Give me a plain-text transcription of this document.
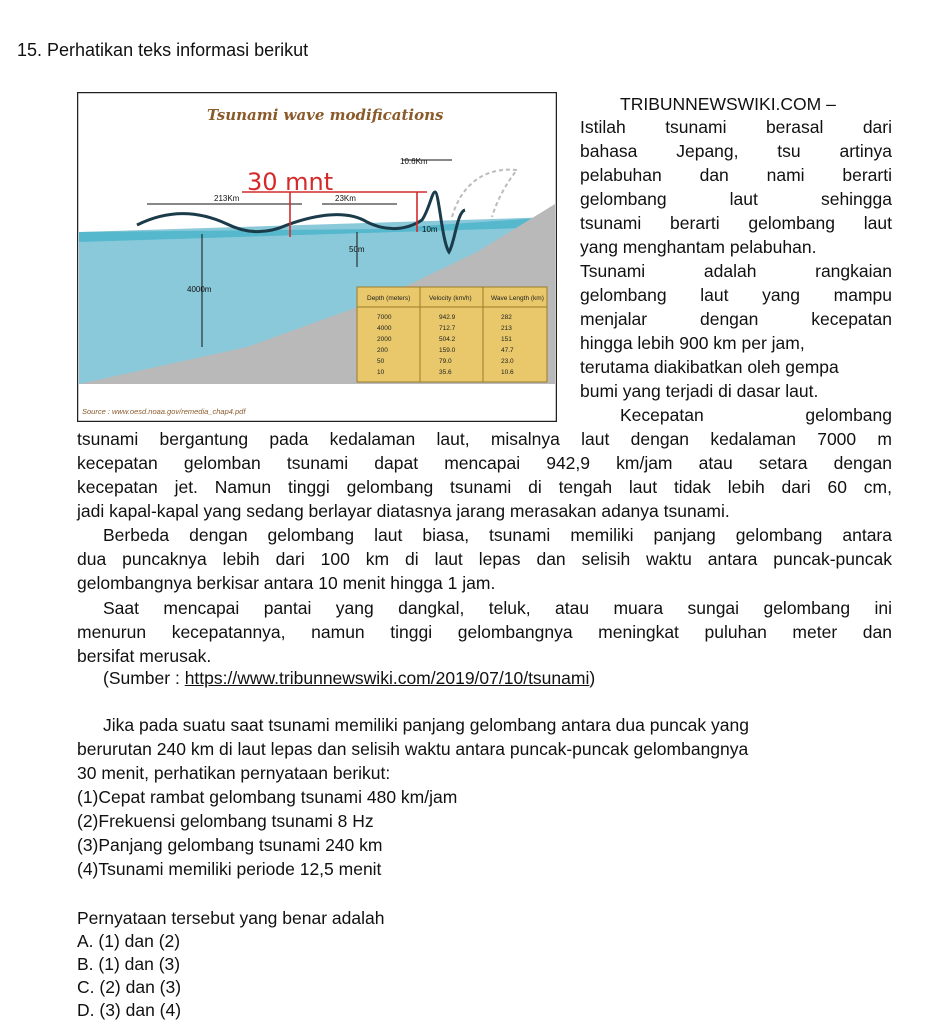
15. Perhatikan teks informasi berikut
Tsunami wave modifications
10.6Km
213Km	23Km
50m
4000m
10m
30 mnt
Source : www.oesd.noaa.gov/remedia_chap4.pdf
Depth (meters)	Velocity (km/h)	Wave Length (km)
7000	942.9	282
4000	712.7	213
2000	504.2	151
200	159.0	47.7
50	79.0	23.0
10	35.6	10.6
TRIBUNNEWSWIKI.COM –
Istilah tsunami berasal dari
bahasa Jepang, tsu artinya
pelabuhan dan nami berarti
gelombang laut sehingga
tsunami berarti gelombang laut
yang menghantam pelabuhan.
Tsunami adalah rangkaian
gelombang laut yang mampu
menjalar dengan kecepatan
hingga lebih 900 km per jam,
terutama diakibatkan oleh gempa
bumi yang terjadi di dasar laut.
Kecepatan gelombang
tsunami bergantung pada kedalaman laut, misalnya laut dengan kedalaman 7000 m
kecepatan gelomban tsunami dapat mencapai 942,9 km/jam atau setara dengan
kecepatan jet. Namun tinggi gelombang tsunami di tengah laut tidak lebih dari 60 cm,
jadi kapal-kapal yang sedang berlayar diatasnya jarang merasakan adanya tsunami.
Berbeda dengan gelombang laut biasa, tsunami memiliki panjang gelombang antara
dua puncaknya lebih dari 100 km di laut lepas dan selisih waktu antara puncak-puncak
gelombangnya berkisar antara 10 menit hingga 1 jam.
Saat mencapai pantai yang dangkal, teluk, atau muara sungai gelombang ini
menurun kecepatannya, namun tinggi gelombangnya meningkat puluhan meter dan
bersifat merusak.
(Sumber : https://www.tribunnewswiki.com/2019/07/10/tsunami)
Jika pada suatu saat tsunami memiliki panjang gelombang antara dua puncak yang
berurutan 240 km di laut lepas dan selisih waktu antara puncak-puncak gelombangnya
30 menit, perhatikan pernyataan berikut:
(1)Cepat rambat gelombang tsunami 480 km/jam
(2)Frekuensi gelombang tsunami 8 Hz
(3)Panjang gelombang tsunami 240 km
(4)Tsunami memiliki periode 12,5 menit
Pernyataan tersebut yang benar adalah
A. (1) dan (2)
B. (1) dan (3)
C. (2) dan (3)
D. (3) dan (4)
